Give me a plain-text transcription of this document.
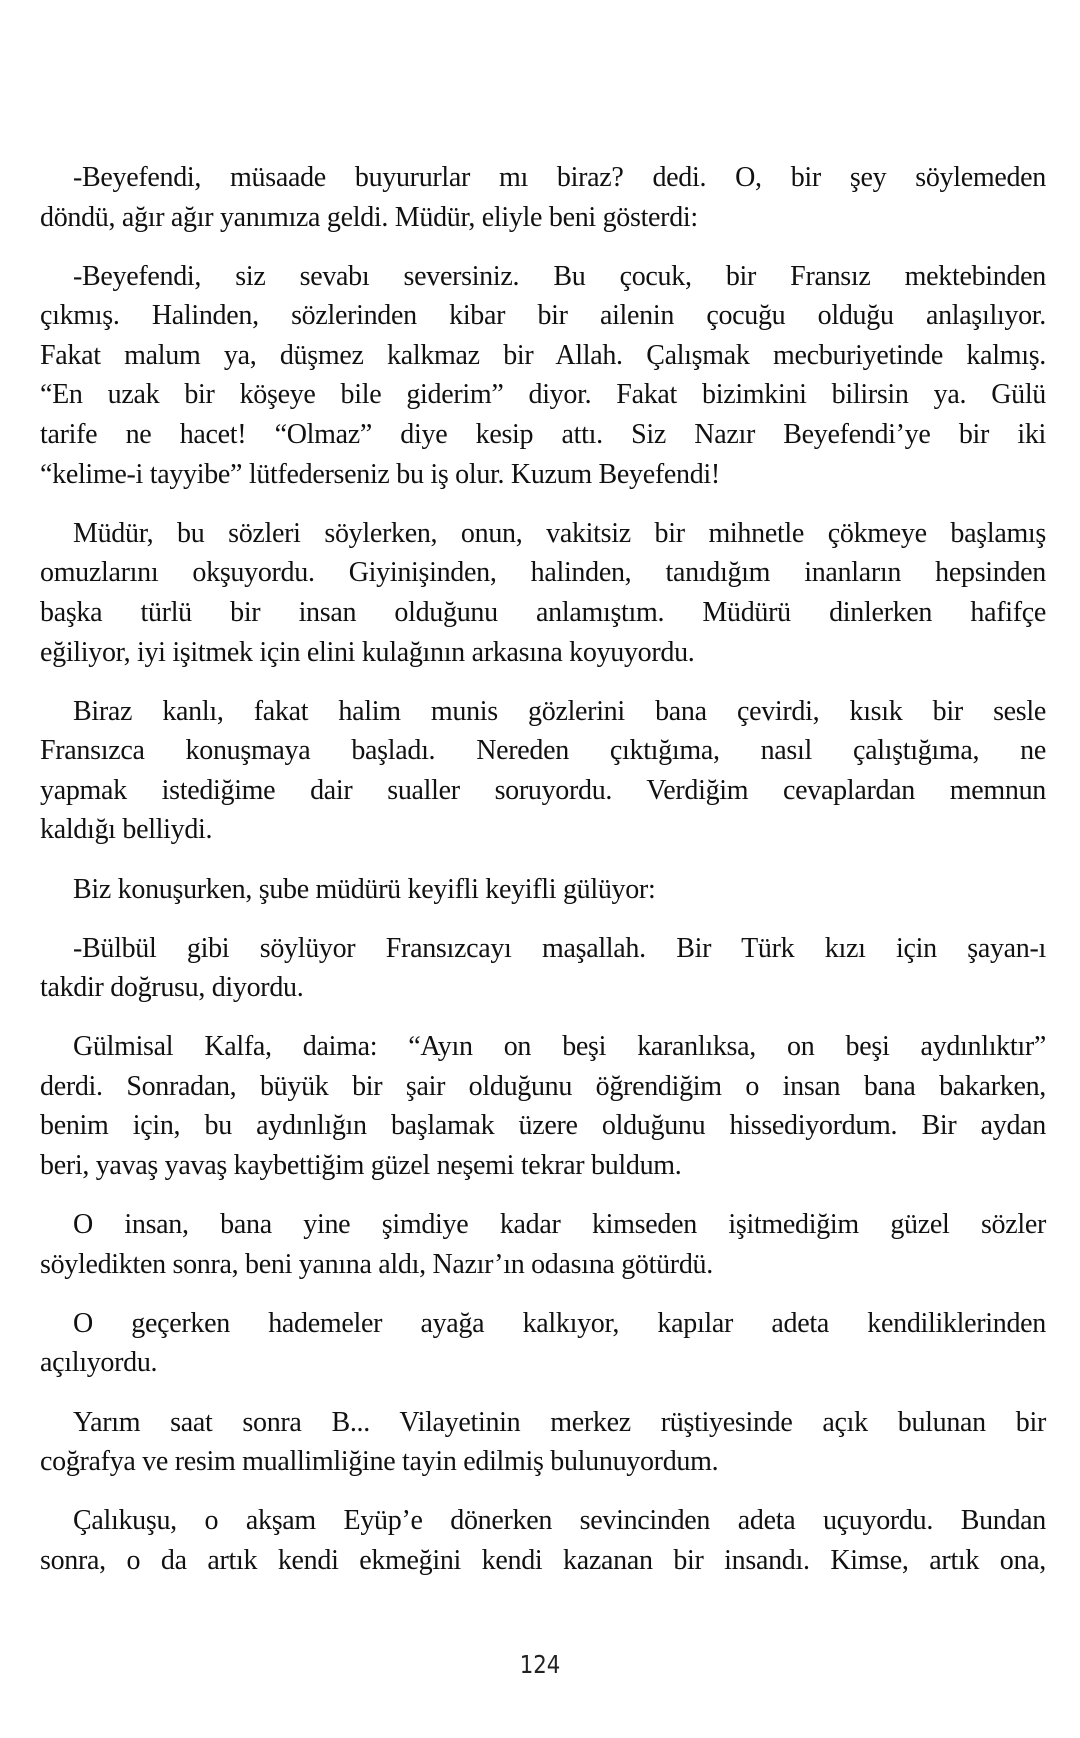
-Beyefendi, müsaade buyururlar mı biraz? dedi. O, bir şey söylemeden
döndü, ağır ağır yanımıza geldi. Müdür, eliyle beni gösterdi:
-Beyefendi, siz sevabı seversiniz. Bu çocuk, bir Fransız mektebinden
çıkmış. Halinden, sözlerinden kibar bir ailenin çocuğu olduğu anlaşılıyor.
Fakat malum ya, düşmez kalkmaz bir Allah. Çalışmak mecburiyetinde kalmış.
“En uzak bir köşeye bile giderim” diyor. Fakat bizimkini bilirsin ya. Gülü
tarife ne hacet! “Olmaz” diye kesip attı. Siz Nazır Beyefendi’ye bir iki
“kelime-i tayyibe” lütfederseniz bu iş olur. Kuzum Beyefendi!
Müdür, bu sözleri söylerken, onun, vakitsiz bir mihnetle çökmeye başlamış
omuzlarını okşuyordu. Giyinişinden, halinden, tanıdığım inanların hepsinden
başka türlü bir insan olduğunu anlamıştım. Müdürü dinlerken hafifçe
eğiliyor, iyi işitmek için elini kulağının arkasına koyuyordu.
Biraz kanlı, fakat halim munis gözlerini bana çevirdi, kısık bir sesle
Fransızca konuşmaya başladı. Nereden çıktığıma, nasıl çalıştığıma, ne
yapmak istediğime dair sualler soruyordu. Verdiğim cevaplardan memnun
kaldığı belliydi.
Biz konuşurken, şube müdürü keyifli keyifli gülüyor:
-Bülbül gibi söylüyor Fransızcayı maşallah. Bir Türk kızı için şayan-ı
takdir doğrusu, diyordu.
Gülmisal Kalfa, daima: “Ayın on beşi karanlıksa, on beşi aydınlıktır”
derdi. Sonradan, büyük bir şair olduğunu öğrendiğim o insan bana bakarken,
benim için, bu aydınlığın başlamak üzere olduğunu hissediyordum. Bir aydan
beri, yavaş yavaş kaybettiğim güzel neşemi tekrar buldum.
O insan, bana yine şimdiye kadar kimseden işitmediğim güzel sözler
söyledikten sonra, beni yanına aldı, Nazır’ın odasına götürdü.
O geçerken hademeler ayağa kalkıyor, kapılar adeta kendiliklerinden
açılıyordu.
Yarım saat sonra B... Vilayetinin merkez rüştiyesinde açık bulunan bir
coğrafya ve resim muallimliğine tayin edilmiş bulunuyordum.
Çalıkuşu, o akşam Eyüp’e dönerken sevincinden adeta uçuyordu. Bundan
sonra, o da artık kendi ekmeğini kendi kazanan bir insandı. Kimse, artık ona,
124
